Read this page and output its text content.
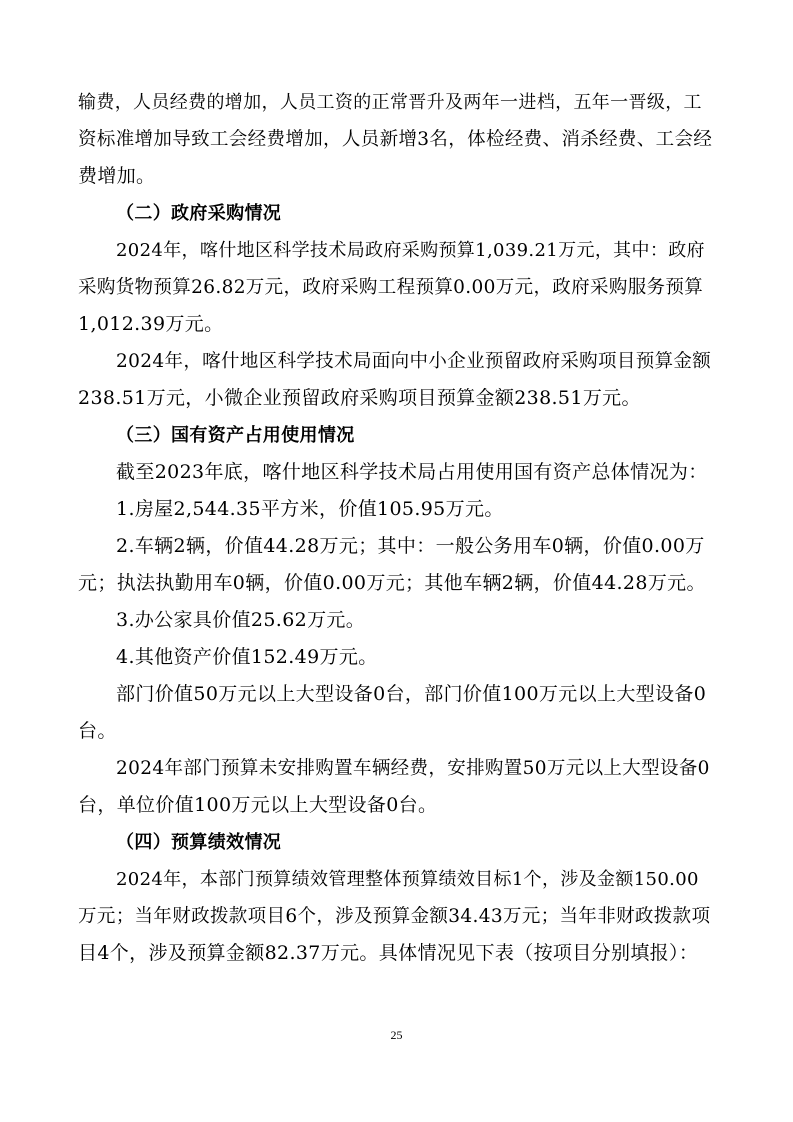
输费，人员经费的增加，人员工资的正常晋升及两年一进档，五年一晋级，工
资标准增加导致工会经费增加，人员新增3名，体检经费、消杀经费、工会经
费增加。
（二）政府采购情况
2024年，喀什地区科学技术局政府采购预算1,039.21万元，其中：政府
采购货物预算26.82万元，政府采购工程预算0.00万元，政府采购服务预算
1,012.39万元。
2024年，喀什地区科学技术局面向中小企业预留政府采购项目预算金额
238.51万元，小微企业预留政府采购项目预算金额238.51万元。
（三）国有资产占用使用情况
截至2023年底，喀什地区科学技术局占用使用国有资产总体情况为：
1.房屋2,544.35平方米，价值105.95万元。
2.车辆2辆，价值44.28万元；其中：一般公务用车0辆，价值0.00万
元；执法执勤用车0辆，价值0.00万元；其他车辆2辆，价值44.28万元。
3.办公家具价值25.62万元。
4.其他资产价值152.49万元。
部门价值50万元以上大型设备0台，部门价值100万元以上大型设备0
台。
2024年部门预算未安排购置车辆经费，安排购置50万元以上大型设备0
台，单位价值100万元以上大型设备0台。
（四）预算绩效情况
2024年，本部门预算绩效管理整体预算绩效目标1个，涉及金额150.00
万元；当年财政拨款项目6个，涉及预算金额34.43万元；当年非财政拨款项
目4个，涉及预算金额82.37万元。具体情况见下表（按项目分别填报）：
25
